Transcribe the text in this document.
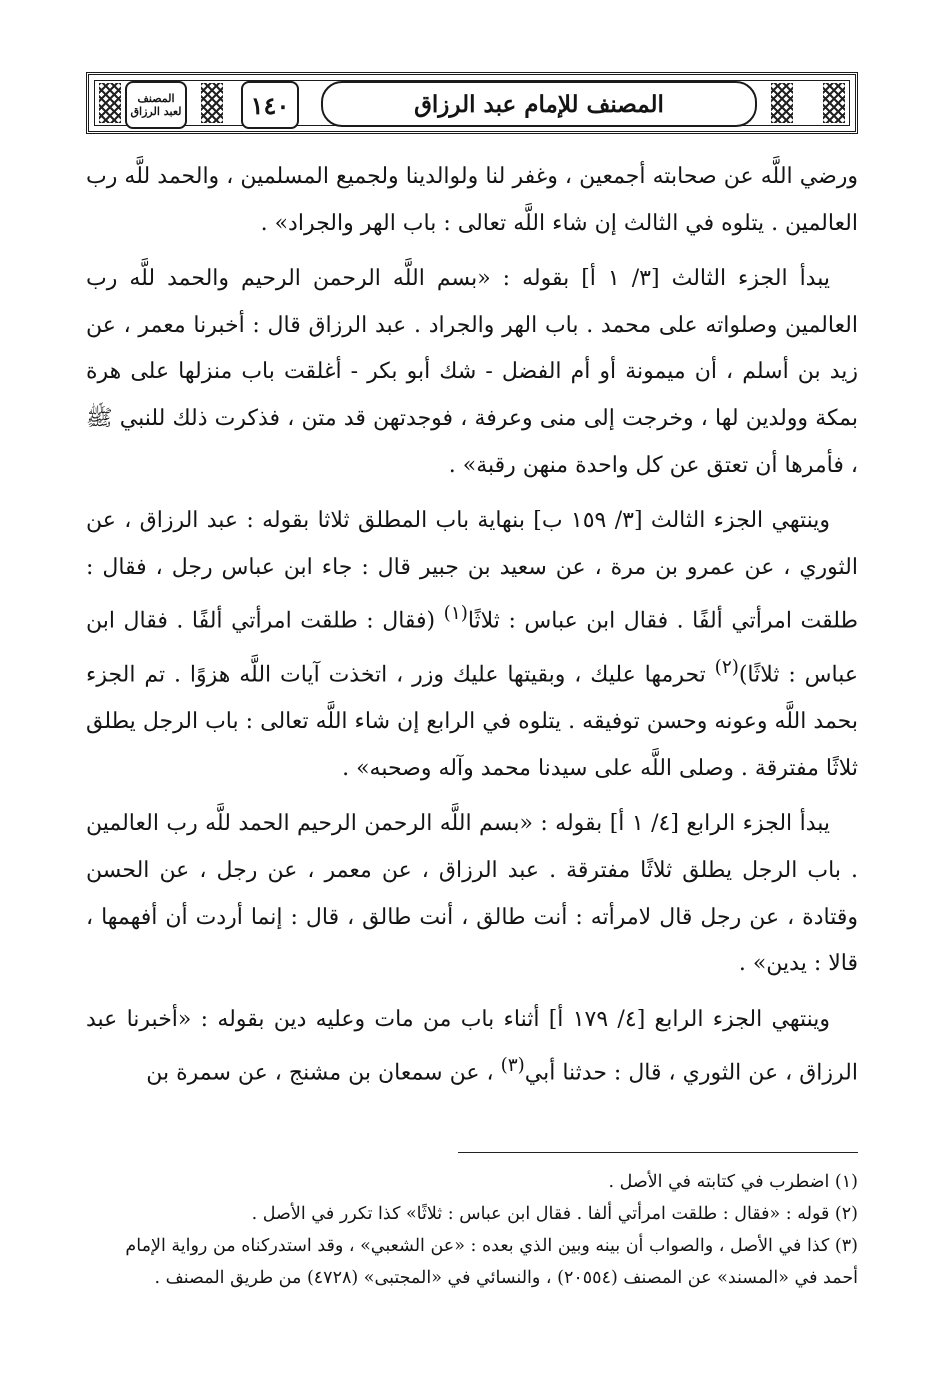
المصنف لعبد الرزاق	١٤٠	المصنف للإمام عبد الرزاق

ورضي اللَّه عن صحابته أجمعين ، وغفر لنا ولوالدينا ولجميع المسلمين ، والحمد للَّه رب العالمين . يتلوه في الثالث إن شاء اللَّه تعالى : باب الهر والجراد» .

يبدأ الجزء الثالث [٣/ ١ أ] بقوله : «بسم اللَّه الرحمن الرحيم والحمد للَّه رب العالمين وصلواته على محمد . باب الهر والجراد . عبد الرزاق قال : أخبرنا معمر ، عن زيد بن أسلم ، أن ميمونة أو أم الفضل - شك أبو بكر - أغلقت باب منزلها على هرة بمكة وولدين لها ، وخرجت إلى منى وعرفة ، فوجدتهن قد متن ، فذكرت ذلك للنبي ﷺ ، فأمرها أن تعتق عن كل واحدة منهن رقبة» .

وينتهي الجزء الثالث [٣/ ١٥٩ ب] بنهاية باب المطلق ثلاثا بقوله : عبد الرزاق ، عن الثوري ، عن عمرو بن مرة ، عن سعيد بن جبير قال : جاء ابن عباس رجل ، فقال : طلقت امرأتي ألفًا . فقال ابن عباس : ثلاثًا$^{(١)}$ (فقال : طلقت امرأتي ألفًا . فقال ابن عباس : ثلاثًا)$^{(٢)}$ تحرمها عليك ، وبقيتها عليك وزر ، اتخذت آيات اللَّه هزوًا . تم الجزء بحمد اللَّه وعونه وحسن توفيقه . يتلوه في الرابع إن شاء اللَّه تعالى : باب الرجل يطلق ثلاثًا مفترقة . وصلى اللَّه على سيدنا محمد وآله وصحبه» .

يبدأ الجزء الرابع [٤/ ١ أ] بقوله : «بسم اللَّه الرحمن الرحيم الحمد للَّه رب العالمين . باب الرجل يطلق ثلاثًا مفترقة . عبد الرزاق ، عن معمر ، عن رجل ، عن الحسن وقتادة ، عن رجل قال لامرأته : أنت طالق ، أنت طالق ، قال : إنما أردت أن أفهمها ، قالا : يدين» .

وينتهي الجزء الرابع [٤/ ١٧٩ أ] أثناء باب من مات وعليه دين بقوله : «أخبرنا عبد الرزاق ، عن الثوري ، قال : حدثنا أبي$^{(٣)}$ ، عن سمعان بن مشنج ، عن سمرة بن

(١) اضطرب في كتابته في الأصل .

(٢) قوله : «فقال : طلقت امرأتي ألفا . فقال ابن عباس : ثلاثًا» كذا تكرر في الأصل .

(٣) كذا في الأصل ، والصواب أن بينه وبين الذي بعده : «عن الشعبي» ، وقد استدركناه من رواية الإمام

أحمد في «المسند» عن المصنف (٢٠٥٥٤) ، والنسائي في «المجتبى» (٤٧٢٨) من طريق المصنف .
